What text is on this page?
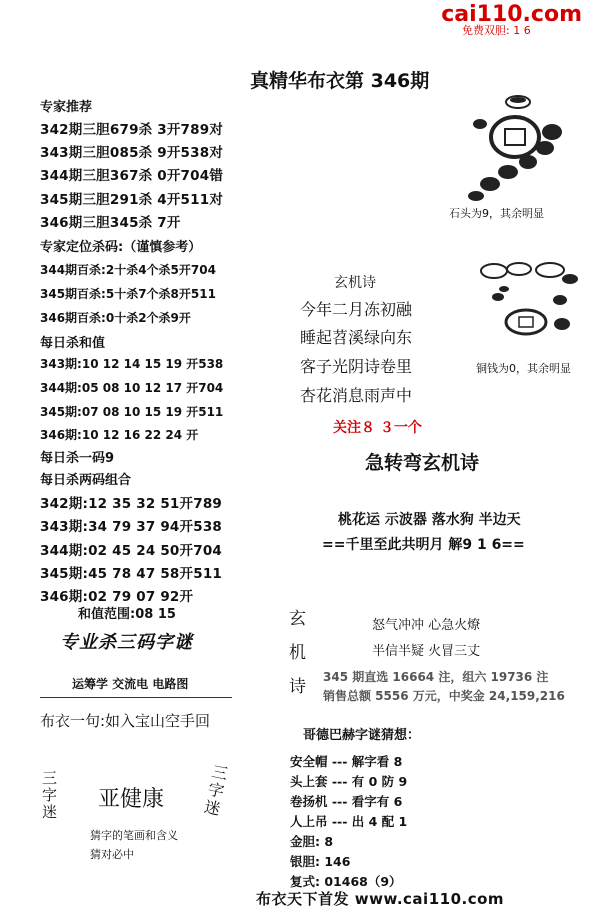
cai110.com
免费双胆: 1 6
真精华布衣第 346期
专家推荐
342期三胆679杀 3开789对
343期三胆085杀 9开538对
344期三胆367杀 0开704错
345期三胆291杀 4开511对
346期三胆345杀 7开
专家定位杀码:（谨慎参考）
344期百杀:2十杀4个杀5开704
345期百杀:5十杀7个杀8开511
346期百杀:0十杀2个杀9开
每日杀和值
343期:10 12 14 15 19 开538
344期:05 08 10 12 17 开704
345期:07 08 10 15 19 开511
346期:10 12 16 22 24 开
每日杀一码9
每日杀两码组合
342期:12 35 32 51开789
343期:34 79 37 94开538
344期:02 45 24 50开704
345期:45 78 47 58开511
346期:02 79 07 92开
和值范围:08 15
专业杀三码字谜
运筹学 交流电 电路图
布衣一句:如入宝山空手回
三字迷 亚健康
三字迷
猜字的笔画和含义
猜对必中
石头为9，其余明显
铜钱为0，其余明显
玄机诗
今年二月冻初融
睡起苕溪绿向东
客子光阴诗卷里
杏花消息雨声中
关注８ ３一个
急转弯玄机诗
桃花运 示波器 落水狗 半边天
==千里至此共明月 解9 1 6==
玄
机
诗
怒气冲冲 心急火燎
半信半疑 火冒三丈
345 期直选 16664 注，组六 19736 注
销售总额 5556 万元，中奖金 24,159,216
哥德巴赫字谜猜想：
安全帽 --- 解字看 8
头上套 --- 有 0 防 9
卷扬机 --- 看字有 6
人上吊 --- 出 4 配 1
金胆: 8
银胆: 146
复式: 01468（9）
布衣天下首发 www.cai110.com
